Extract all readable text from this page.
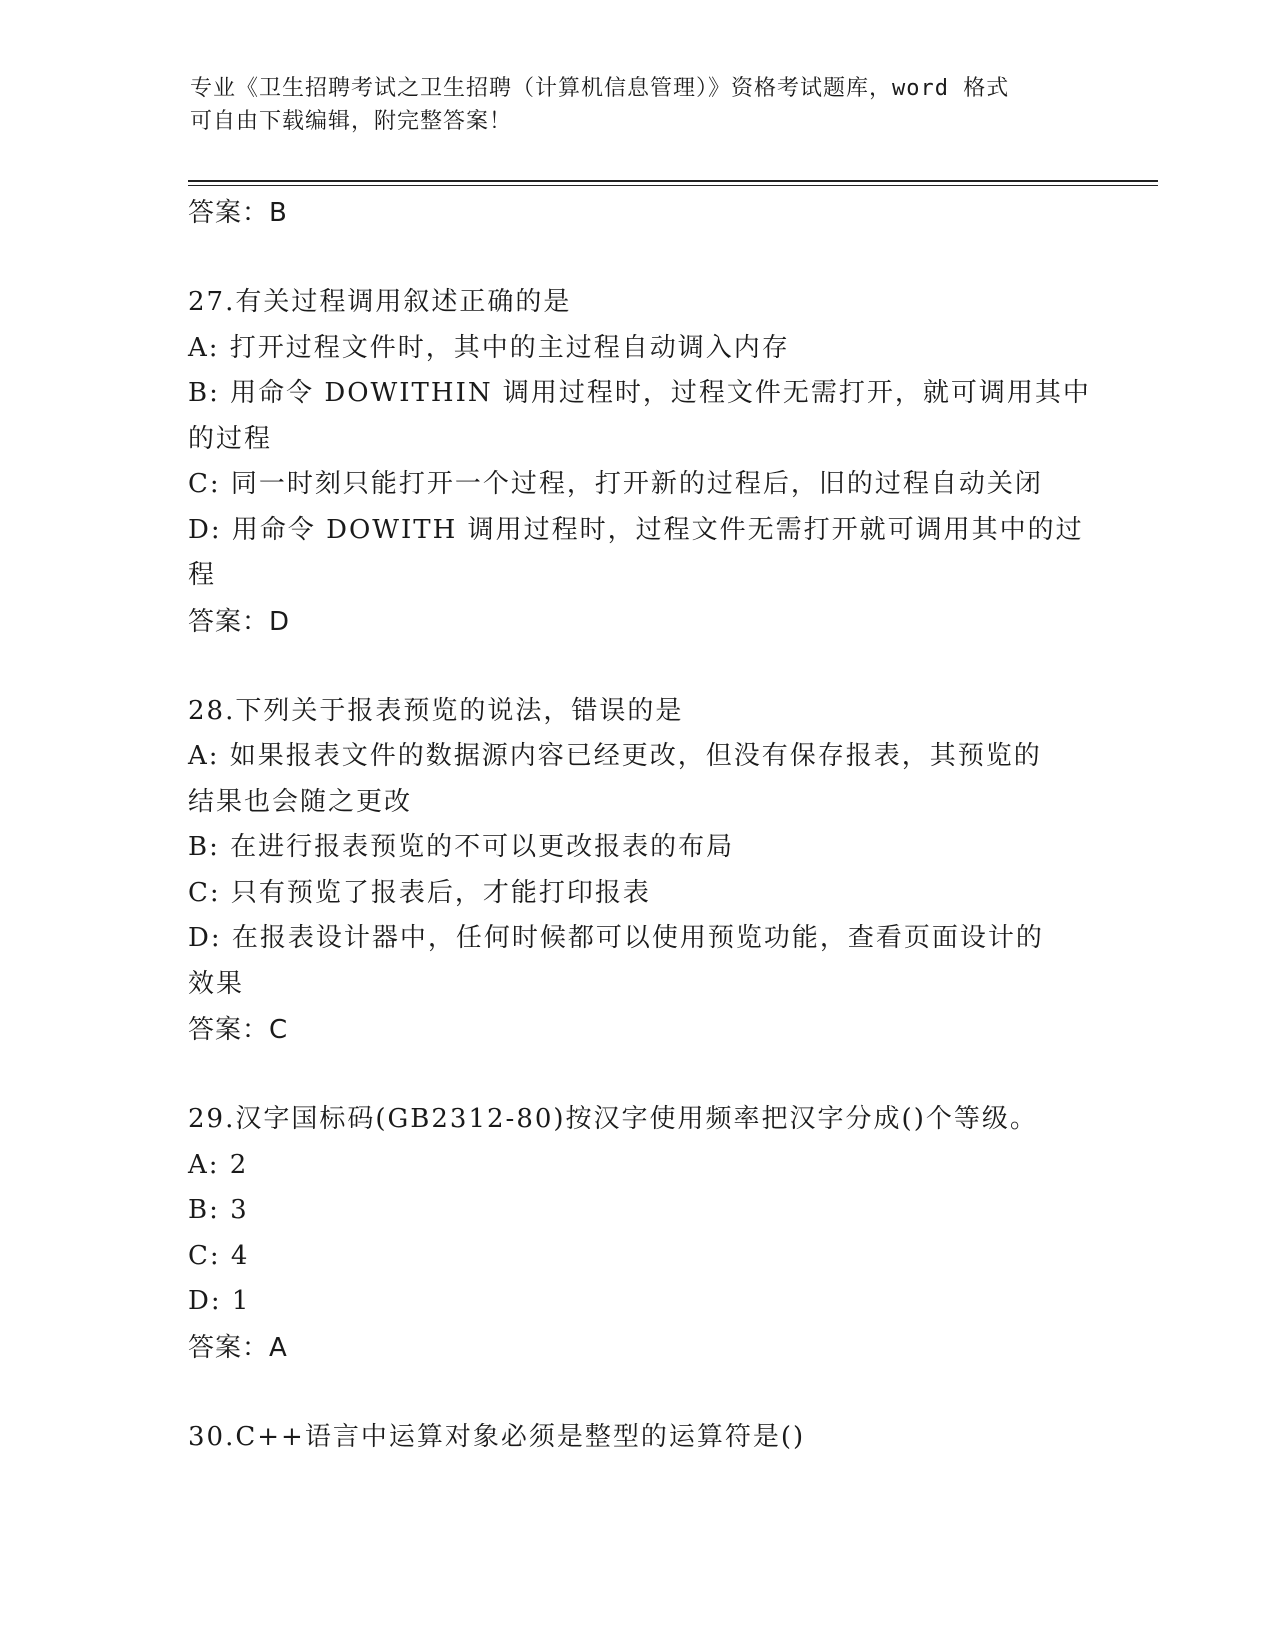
专业《卫生招聘考试之卫生招聘（计算机信息管理）》资格考试题库，word 格式
可自由下载编辑，附完整答案！

答案：B

27.有关过程调用叙述正确的是

A: 打开过程文件时，其中的主过程自动调入内存

B: 用命令 DOWITHIN 调用过程时，过程文件无需打开，就可调用其中
的过程

C: 同一时刻只能打开一个过程，打开新的过程后，旧的过程自动关闭

D: 用命令 DOWITH 调用过程时，过程文件无需打开就可调用其中的过
程

答案：D

28.下列关于报表预览的说法，错误的是

A: 如果报表文件的数据源内容已经更改，但没有保存报表，其预览的
结果也会随之更改

B: 在进行报表预览的不可以更改报表的布局

C: 只有预览了报表后，才能打印报表

D: 在报表设计器中，任何时候都可以使用预览功能，查看页面设计的
效果

答案：C

29.汉字国标码(GB2312-80)按汉字使用频率把汉字分成()个等级。

A: 2

B: 3

C: 4

D: 1

答案：A

30.C++语言中运算对象必须是整型的运算符是()
